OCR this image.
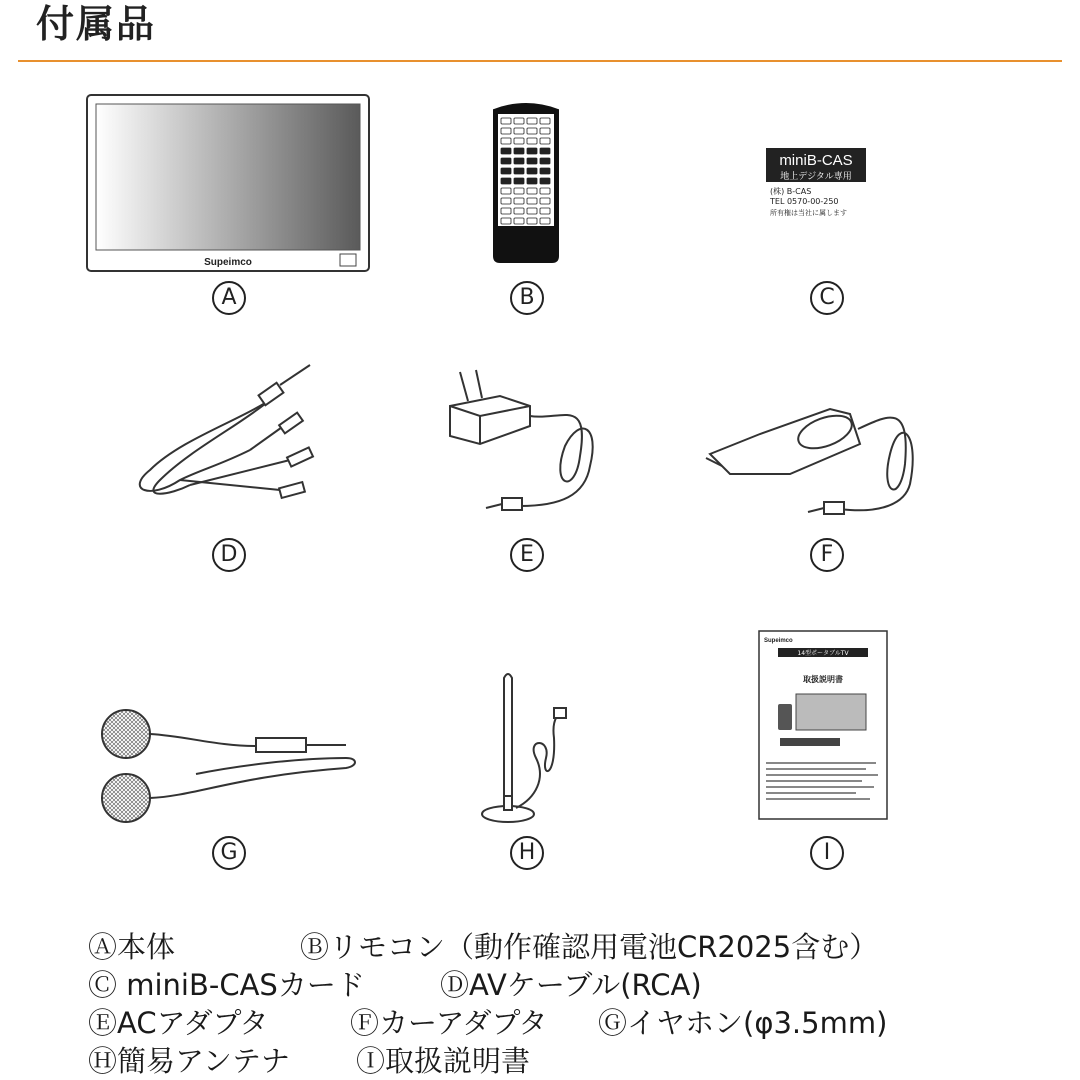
付属品
Supeimco
A	B
miniB-CAS
地上デジタル専用
(株) B-CAS
TEL 0570-00-250
所有権は当社に属します
C
D	E	F
G	H
Supeimco
14型ポータブルTV
取扱説明書
I
Ⓐ本体	Ⓑリモコン（動作確認用電池CR2025含む）
Ⓒ miniB-CASカード	ⒹAVケーブル(RCA)
ⒺACアダプタ	Ⓕカーアダプタ Ⓖイヤホン(φ3.5mm)
Ⓗ簡易アンテナ Ⓘ取扱説明書
